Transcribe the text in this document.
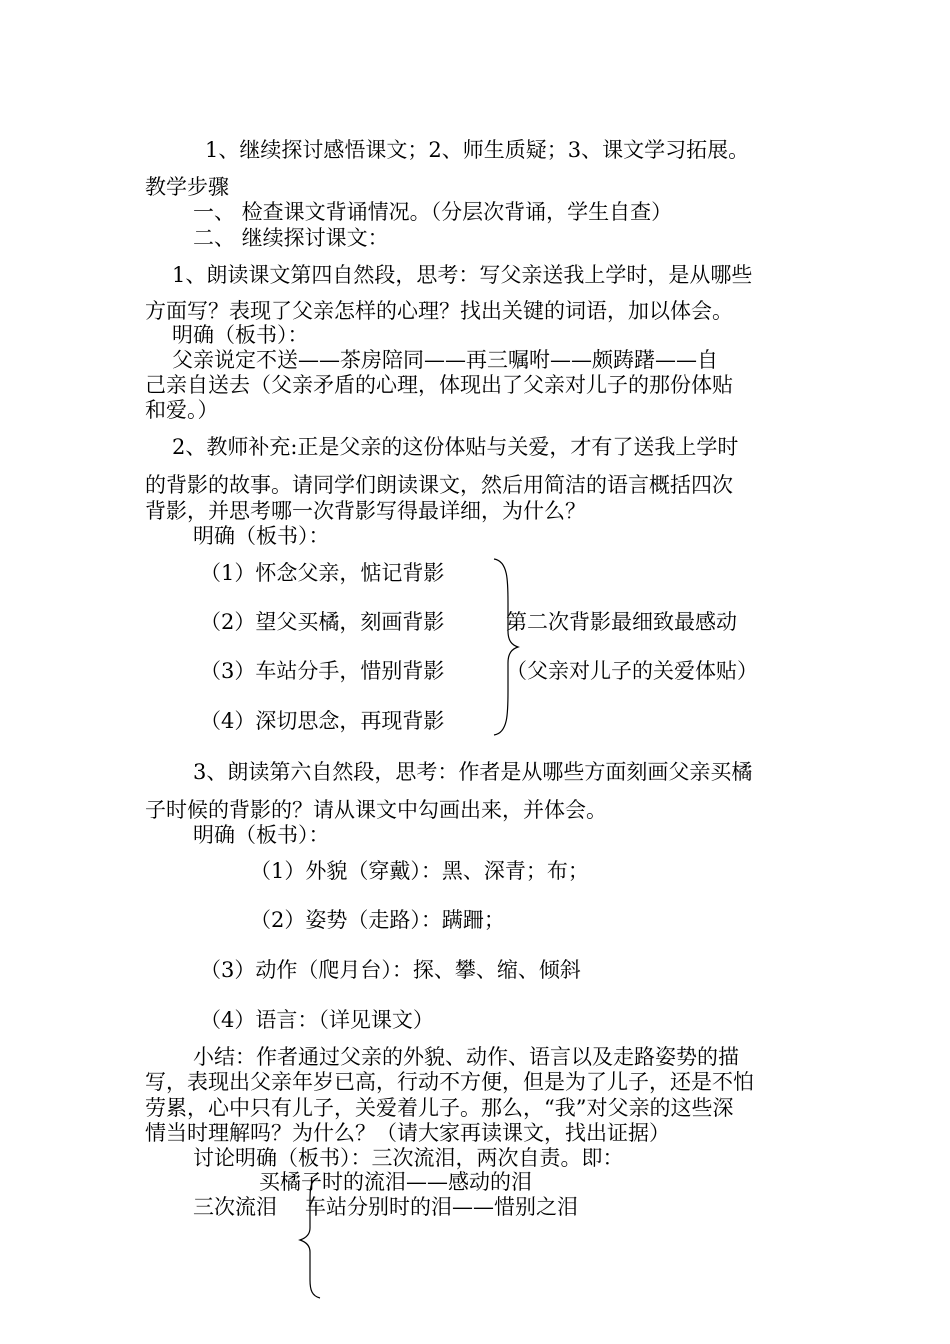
1、继续探讨感悟课文；2、师生质疑；3、课文学习拓展。
教学步骤
一、 检查课文背诵情况。（分层次背诵，学生自查）
二、 继续探讨课文：
1、朗读课文第四自然段，思考：写父亲送我上学时，是从哪些
方面写？表现了父亲怎样的心理？找出关键的词语，加以体会。
明确（板书）：
父亲说定不送——茶房陪同——再三嘱咐——颇踌躇——自
己亲自送去（父亲矛盾的心理，体现出了父亲对儿子的那份体贴
和爱。）
2、教师补充:正是父亲的这份体贴与关爱，才有了送我上学时
的背影的故事。请同学们朗读课文，然后用简洁的语言概括四次
背影，并思考哪一次背影写得最详细，为什么？
明确（板书）：
（1）怀念父亲，惦记背影
（2）望父买橘，刻画背影
（3）车站分手，惜别背影
（4）深切思念，再现背影
第二次背影最细致最感动
（父亲对儿子的关爱体贴）
3、朗读第六自然段，思考：作者是从哪些方面刻画父亲买橘
子时候的背影的？请从课文中勾画出来，并体会。
明确（板书）：
（1）外貌（穿戴）：黑、深青；布；
（2）姿势（走路）：蹒跚；
（3）动作（爬月台）：探、攀、缩、倾斜
（4）语言：（详见课文）
小结：作者通过父亲的外貌、动作、语言以及走路姿势的描
写，表现出父亲年岁已高，行动不方便，但是为了儿子，还是不怕
劳累，心中只有儿子，关爱着儿子。那么，“我”对父亲的这些深
情当时理解吗？为什么？（请大家再读课文，找出证据）
讨论明确（板书）：三次流泪，两次自责。即：
买橘子时的流泪——感动的泪
三次流泪 车站分别时的泪——惜别之泪
